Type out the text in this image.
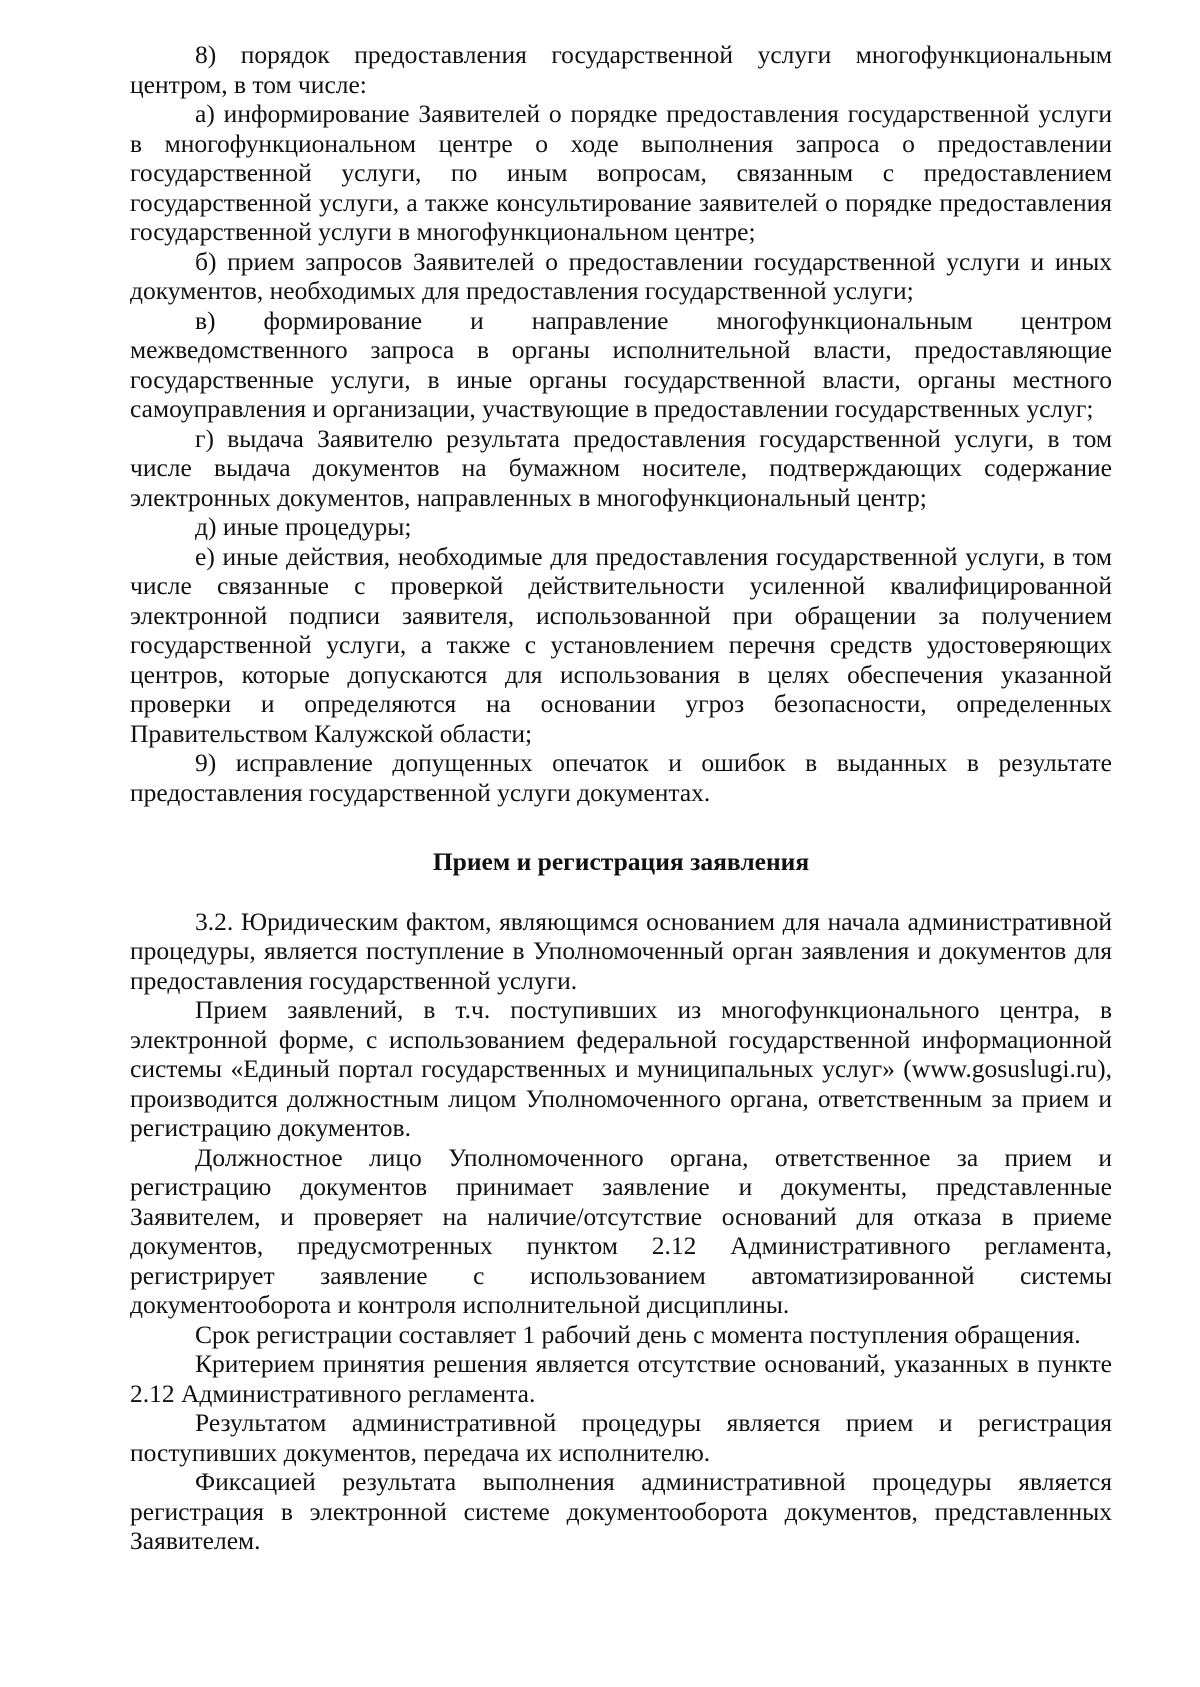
8) порядок предоставления государственной услуги многофункциональным центром, в том числе:

а) информирование Заявителей о порядке предоставления государственной услуги в многофункциональном центре о ходе выполнения запроса о предоставлении государственной услуги, по иным вопросам, связанным с предоставлением государственной услуги, а также консультирование заявителей о порядке предоставления государственной услуги в многофункциональном центре;

б) прием запросов Заявителей о предоставлении государственной услуги и иных документов, необходимых для предоставления государственной услуги;

в) формирование и направление многофункциональным центром межведомственного запроса в органы исполнительной власти, предоставляющие государственные услуги, в иные органы государственной власти, органы местного самоуправления и организации, участвующие в предоставлении государственных услуг;

г) выдача Заявителю результата предоставления государственной услуги, в том числе выдача документов на бумажном носителе, подтверждающих содержание электронных документов, направленных в многофункциональный центр;

д) иные процедуры;

е) иные действия, необходимые для предоставления государственной услуги, в том числе связанные с проверкой действительности усиленной квалифицированной электронной подписи заявителя, использованной при обращении за получением государственной услуги, а также с установлением перечня средств удостоверяющих центров, которые допускаются для использования в целях обеспечения указанной проверки и определяются на основании угроз безопасности, определенных Правительством Калужской области;

9) исправление допущенных опечаток и ошибок в выданных в результате предоставления государственной услуги документах.

Прием и регистрация заявления

3.2. Юридическим фактом, являющимся основанием для начала административной процедуры, является поступление в Уполномоченный орган заявления и документов для предоставления государственной услуги.

Прием заявлений, в т.ч. поступивших из многофункционального центра, в электронной форме, с использованием федеральной государственной информационной системы «Единый портал государственных и муниципальных услуг» (www.gosuslugi.ru), производится должностным лицом Уполномоченного органа, ответственным за прием и регистрацию документов.

Должностное лицо Уполномоченного органа, ответственное за прием и регистрацию документов принимает заявление и документы, представленные Заявителем, и проверяет на наличие/отсутствие оснований для отказа в приеме документов, предусмотренных пунктом 2.12 Административного регламента, регистрирует заявление с использованием автоматизированной системы документооборота и контроля исполнительной дисциплины.

Срок регистрации составляет 1 рабочий день с момента поступления обращения.

Критерием принятия решения является отсутствие оснований, указанных в пункте 2.12 Административного регламента.

Результатом административной процедуры является прием и регистрация поступивших документов, передача их исполнителю.

Фиксацией результата выполнения административной процедуры является регистрация в электронной системе документооборота документов, представленных Заявителем.
